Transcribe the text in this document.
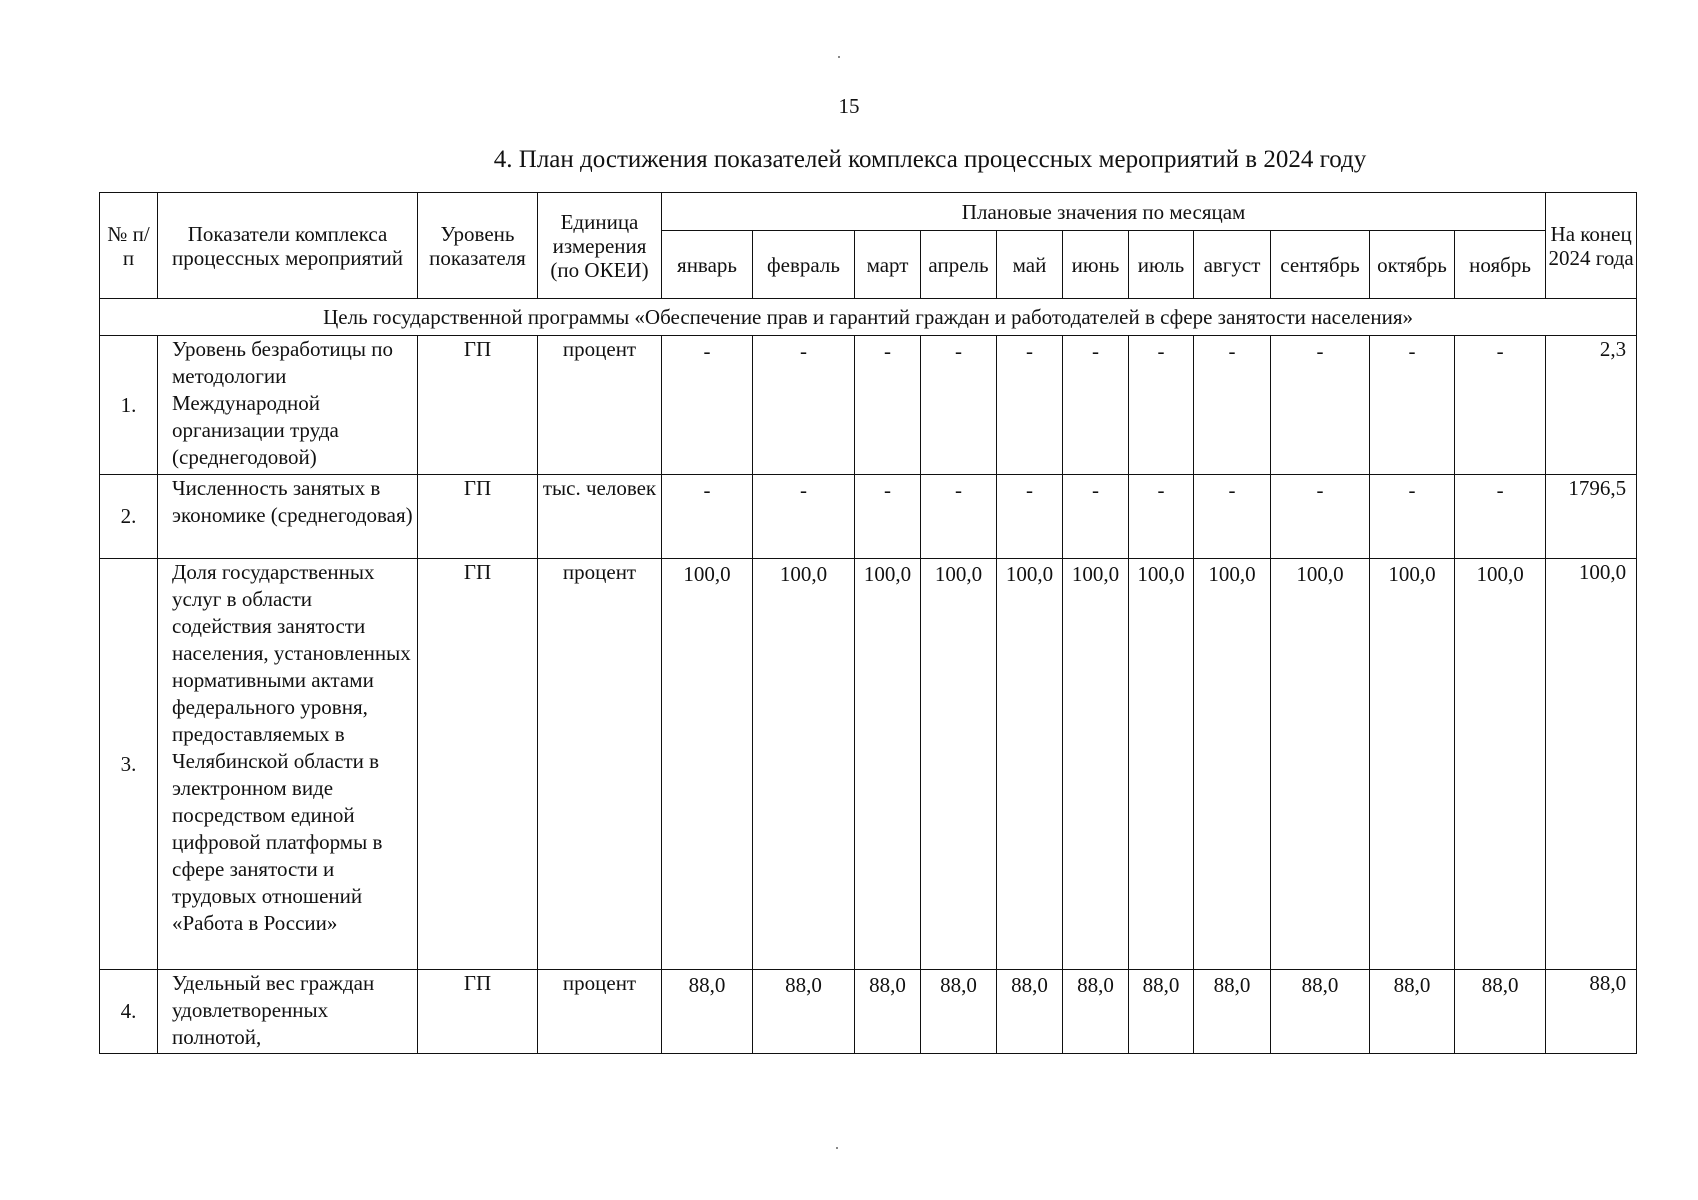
15
4. План достижения показателей комплекса процессных мероприятий в 2024 году
№ п/п	Показатели комплекса процессных мероприятий	Уровень показателя	Единица измерения (по ОКЕИ)	Плановые значения по месяцам											На конец 2024 года
				январь	февраль	март	апрель	май	июнь	июль	август	сентябрь	октябрь	ноябрь	
Цель государственной программы «Обеспечение прав и гарантий граждан и работодателей в сфере занятости населения»															
1.	Уровень безработицы по методологии Международной организации труда (среднегодовой)	ГП	процент	-	-	-	-	-	-	-	-	-	-	-	2,3
2.	Численность занятых в экономике (среднегодовая)	ГП	тыс. человек	-	-	-	-	-	-	-	-	-	-	-	1796,5
3.	Доля государственных услуг в области содействия занятости населения, установленных нормативными актами федерального уровня, предоставляемых в Челябинской области в электронном виде посредством единой цифровой платформы в сфере занятости и трудовых отношений «Работа в России»	ГП	процент	100,0	100,0	100,0	100,0	100,0	100,0	100,0	100,0	100,0	100,0	100,0	100,0
4.	Удельный вес граждан удовлетворенных полнотой,	ГП	процент	88,0	88,0	88,0	88,0	88,0	88,0	88,0	88,0	88,0	88,0	88,0	88,0
